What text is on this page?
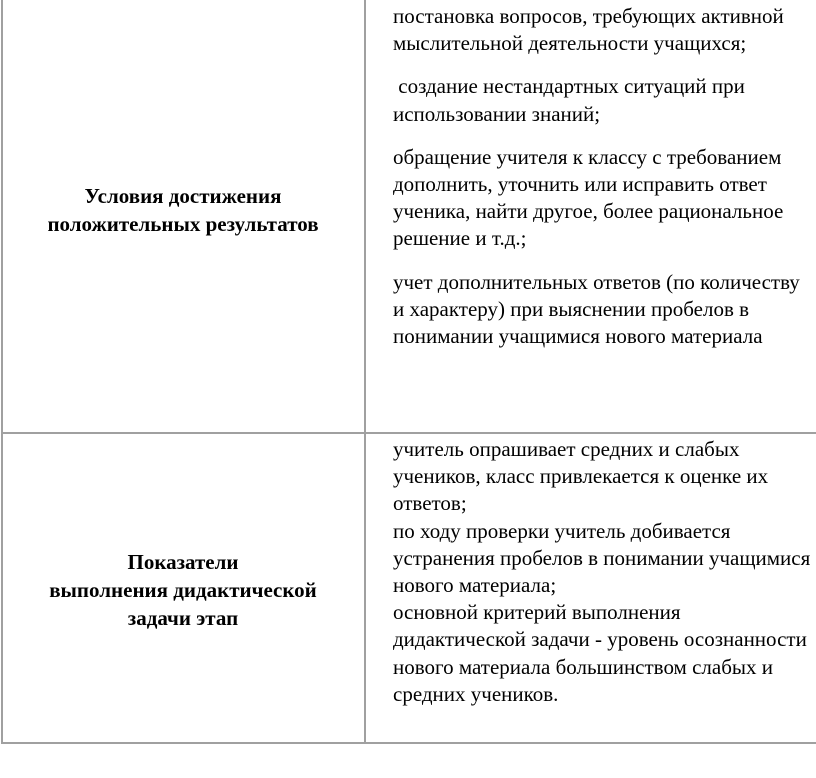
Условия достижения
положительных результатов

постановка вопросов, требующих активной мыслительной деятельности учащихся;

создание нестандартных ситуаций при использовании знаний;

обращение учителя к классу с требованием дополнить, уточнить или исправить ответ ученика, найти другое, более рациональное решение и т.д.;

учет дополнительных ответов (по количеству и характеру) при выяснении пробелов в понимании учащимися нового материала

Показатели
выполнения дидактической
задачи этап

учитель опрашивает средних и слабых учеников, класс привлекается к оценке их ответов;

по ходу проверки учитель добивается устранения пробелов в понимании учащимися нового материала;

основной критерий выполнения дидактической задачи - уровень осознанности нового материала большинством слабых и средних учеников.
